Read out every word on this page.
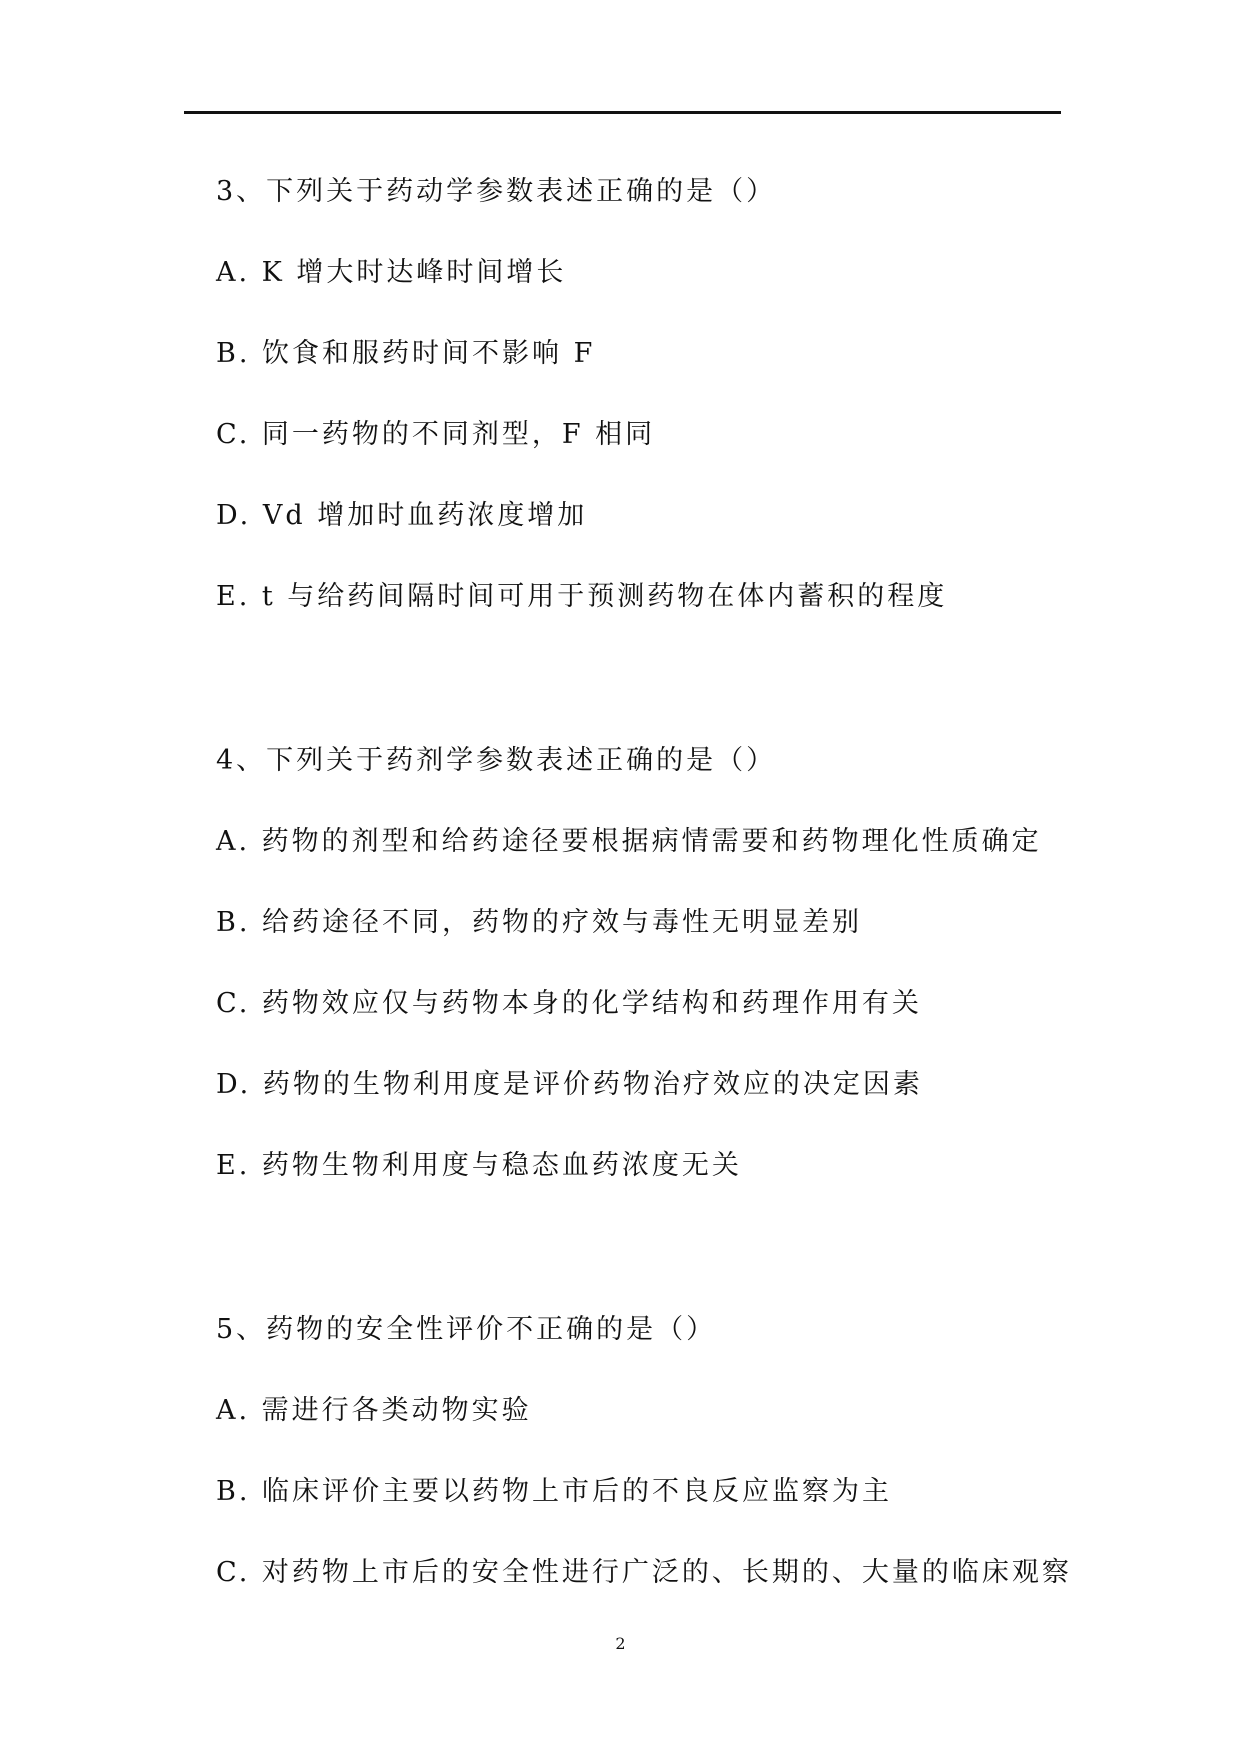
3、下列关于药动学参数表述正确的是（）
A. K 增大时达峰时间增长
B. 饮食和服药时间不影响 F
C. 同一药物的不同剂型，F 相同
D. Vd 增加时血药浓度增加
E. t 与给药间隔时间可用于预测药物在体内蓄积的程度
4、下列关于药剂学参数表述正确的是（）
A. 药物的剂型和给药途径要根据病情需要和药物理化性质确定
B. 给药途径不同，药物的疗效与毒性无明显差别
C. 药物效应仅与药物本身的化学结构和药理作用有关
D. 药物的生物利用度是评价药物治疗效应的决定因素
E. 药物生物利用度与稳态血药浓度无关
5、药物的安全性评价不正确的是（）
A. 需进行各类动物实验
B. 临床评价主要以药物上市后的不良反应监察为主
C. 对药物上市后的安全性进行广泛的、长期的、大量的临床观察
2
